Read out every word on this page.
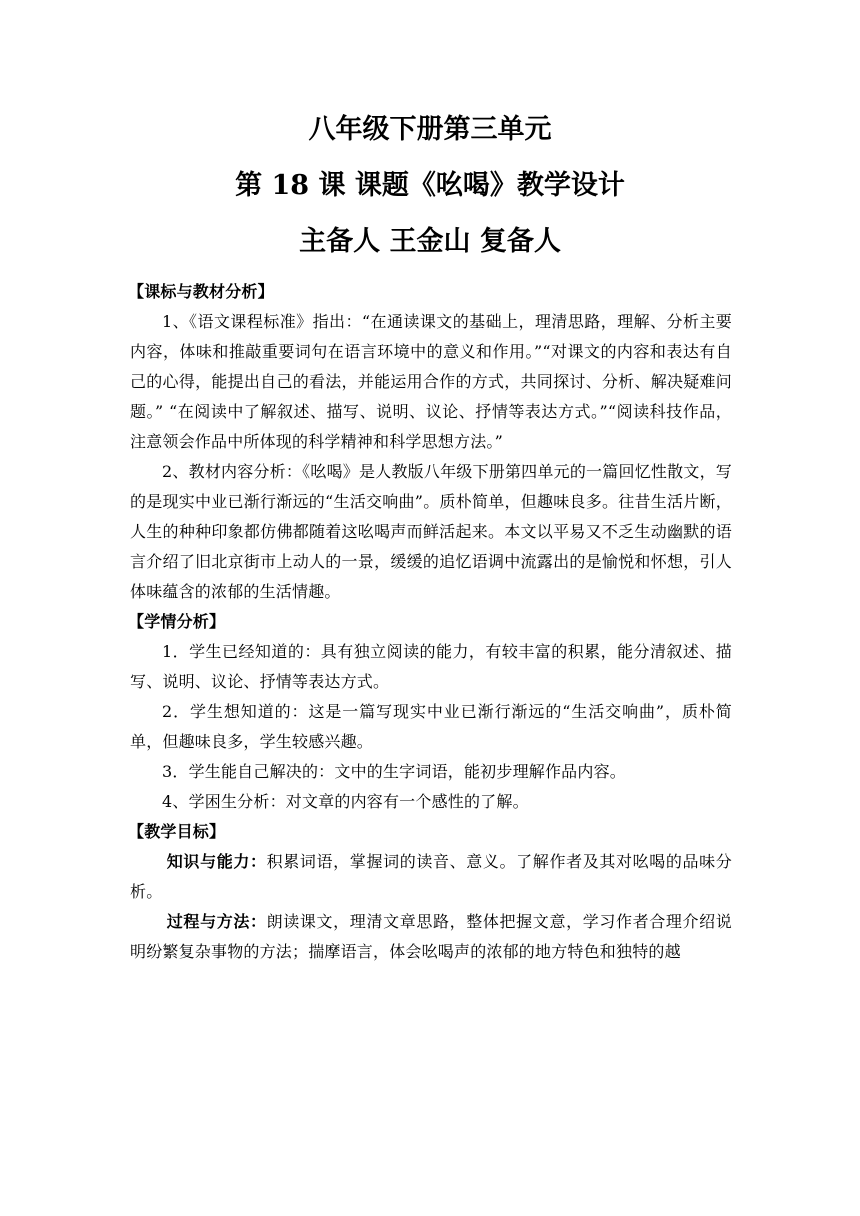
八年级下册第三单元
第 18 课 课题《吆喝》教学设计
主备人 王金山 复备人

【课标与教材分析】

1、《语文课程标准》指出：“在通读课文的基础上，理清思路，理解、分析主要内容，体味和推敲重要词句在语言环境中的意义和作用。”“对课文的内容和表达有自己的心得，能提出自己的看法，并能运用合作的方式，共同探讨、分析、解决疑难问题。” “在阅读中了解叙述、描写、说明、议论、抒情等表达方式。”“阅读科技作品，注意领会作品中所体现的科学精神和科学思想方法。”

2、教材内容分析：《吆喝》是人教版八年级下册第四单元的一篇回忆性散文，写的是现实中业已渐行渐远的“生活交响曲”。质朴简单，但趣味良多。往昔生活片断，人生的种种印象都仿佛都随着这吆喝声而鲜活起来。本文以平易又不乏生动幽默的语言介绍了旧北京街市上动人的一景，缓缓的追忆语调中流露出的是愉悦和怀想，引人体味蕴含的浓郁的生活情趣。

【学情分析】

1．学生已经知道的：具有独立阅读的能力，有较丰富的积累，能分清叙述、描写、说明、议论、抒情等表达方式。

2．学生想知道的：这是一篇写现实中业已渐行渐远的“生活交响曲”，质朴简单，但趣味良多，学生较感兴趣。

3．学生能自己解决的：文中的生字词语，能初步理解作品内容。

4、学困生分析：对文章的内容有一个感性的了解。

【教学目标】

知识与能力：积累词语，掌握词的读音、意义。了解作者及其对吆喝的品味分析。

过程与方法：朗读课文，理清文章思路，整体把握文意，学习作者合理介绍说明纷繁复杂事物的方法；揣摩语言，体会吆喝声的浓郁的地方特色和独特的越
